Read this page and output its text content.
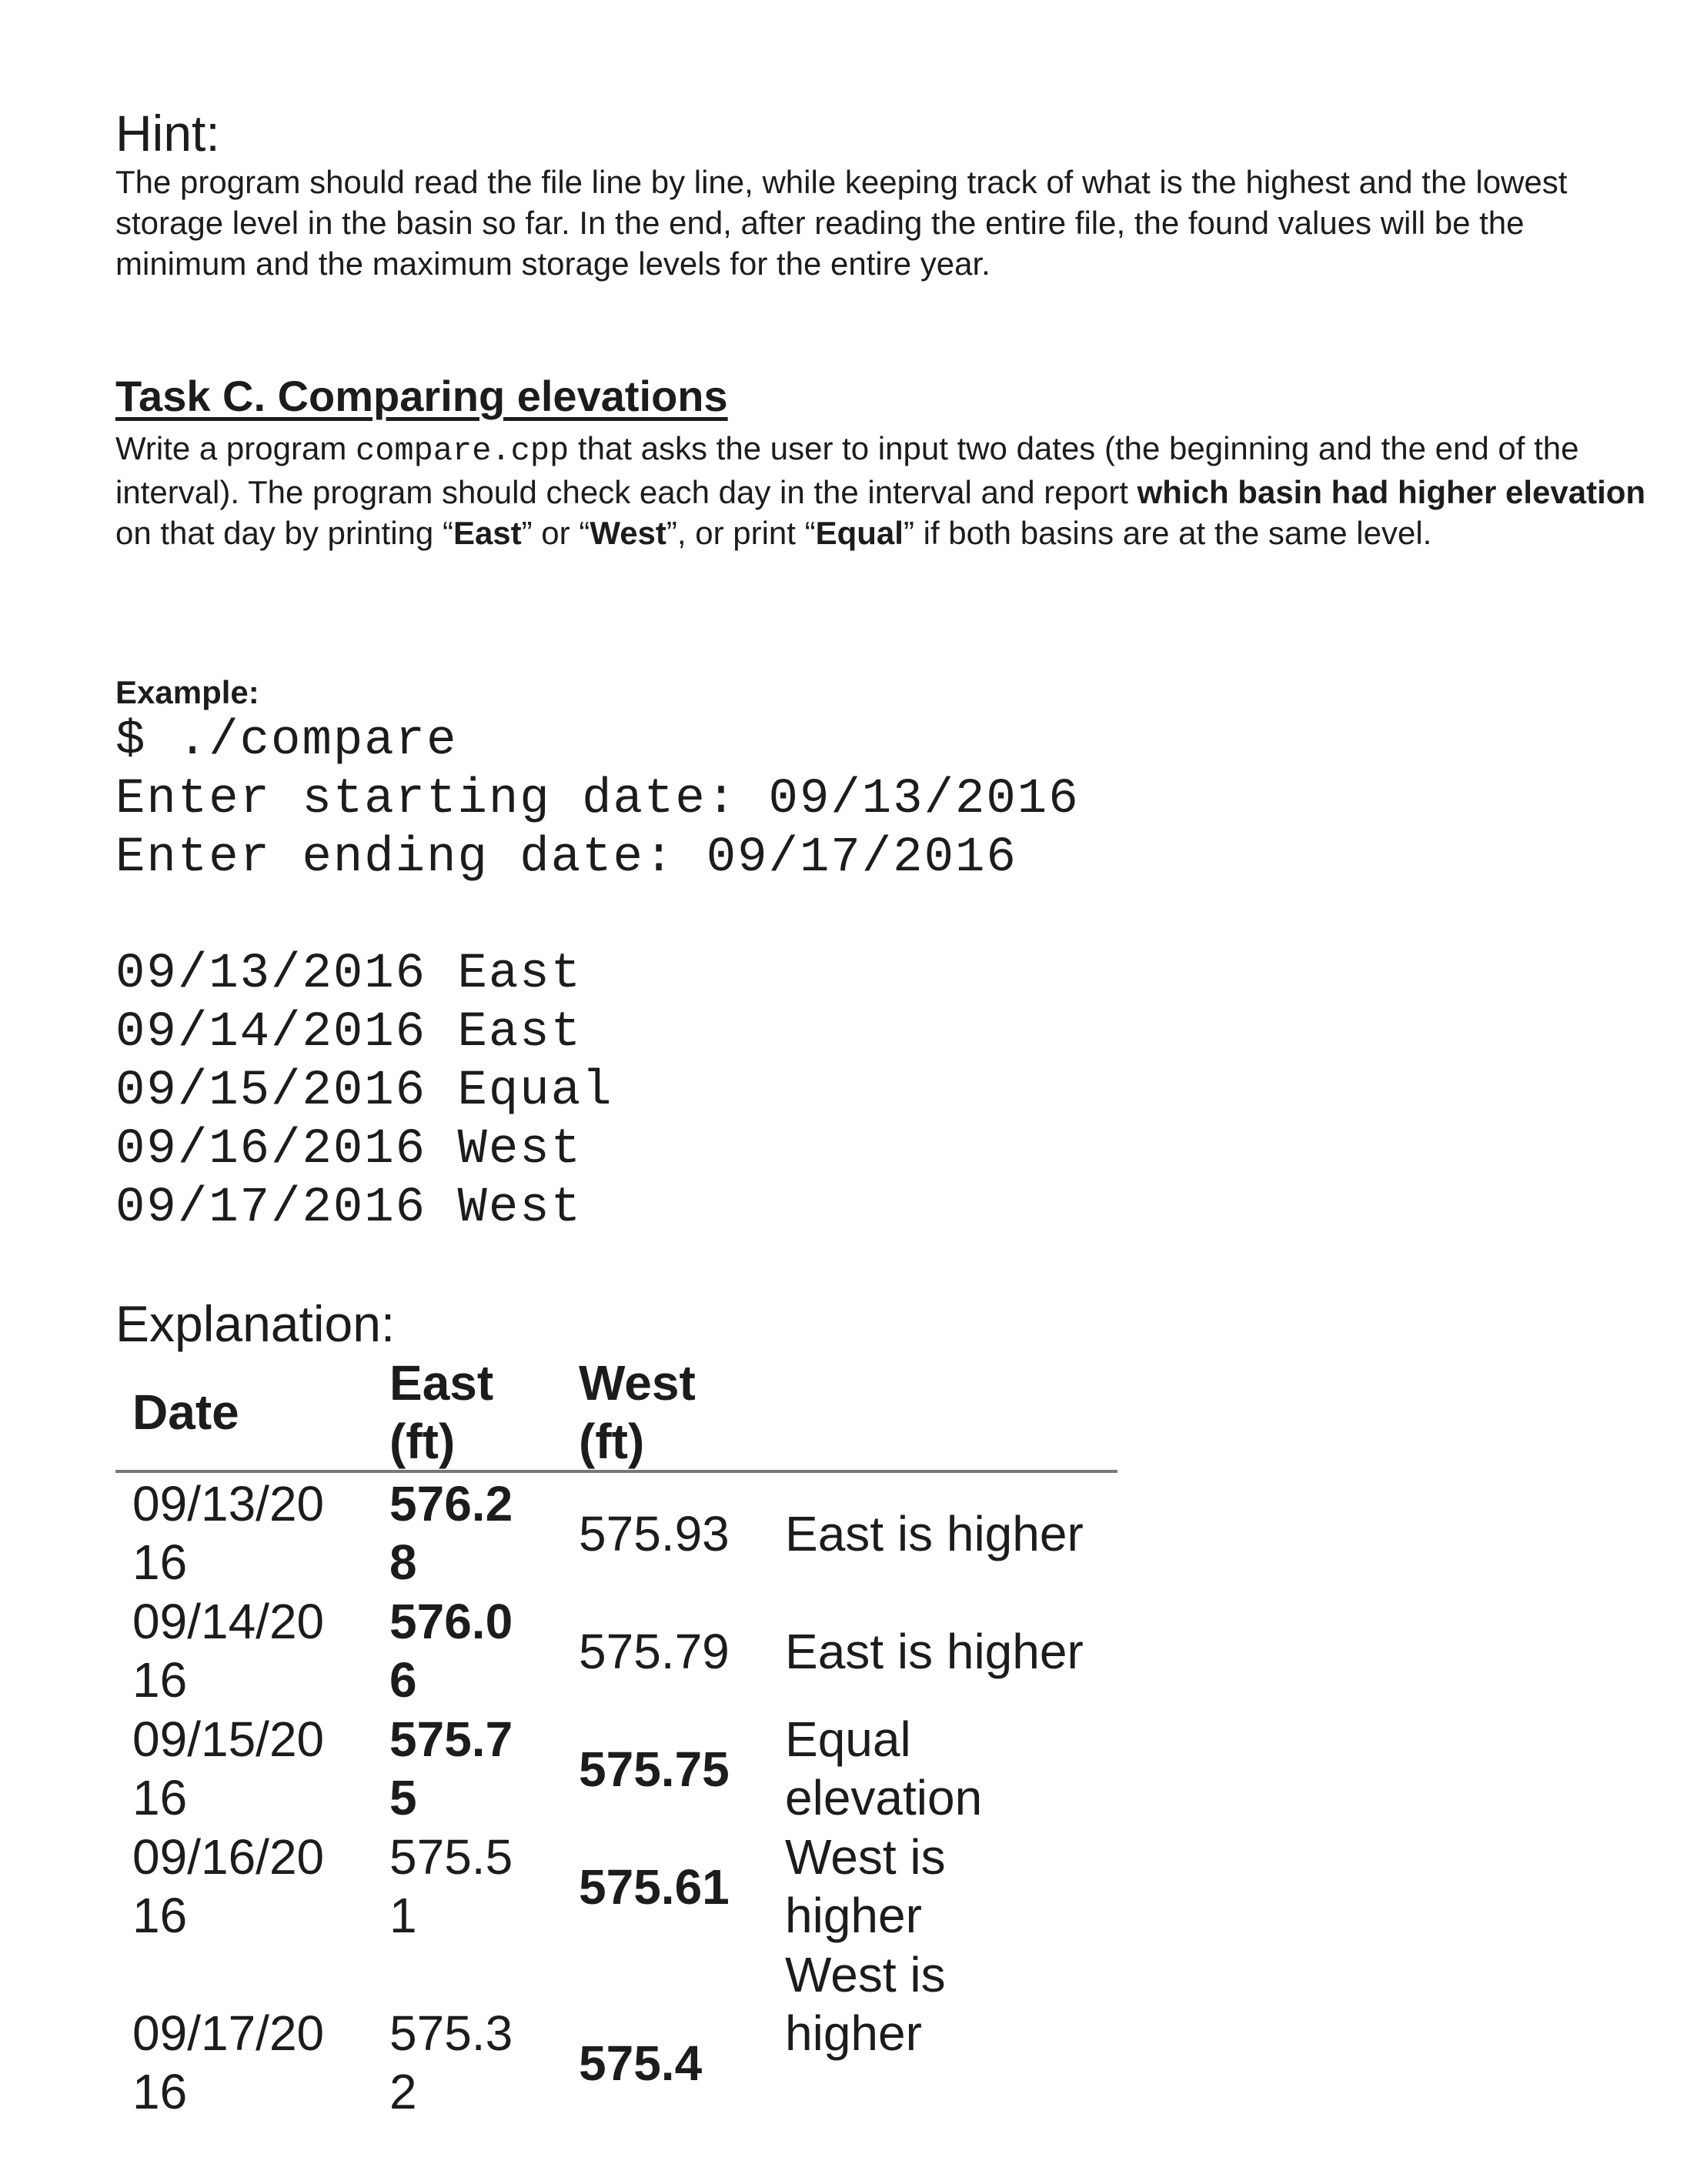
Hint:
The program should read the file line by line, while keeping track of what is the highest and the lowest storage level in the basin so far. In the end, after reading the entire file, the found values will be the minimum and the maximum storage levels for the entire year.
Task C. Comparing elevations
Write a program compare.cpp that asks the user to input two dates (the beginning and the end of the interval). The program should check each day in the interval and report which basin had higher elevation on that day by printing “East” or “West”, or print “Equal” if both basins are at the same level.
Example:
$ ./compare
Enter starting date: 09/13/2016
Enter ending date: 09/17/2016
09/13/2016 East
09/14/2016 East
09/15/2016 Equal
09/16/2016 West
09/17/2016 West
Explanation:
Date
East
(ft)
West
(ft)
09/13/20
16
576.2
8
575.93 East is higher
09/14/20
16
576.0
6
575.79 East is higher
09/15/20
16
575.7
5
575.75
Equal
elevation
09/16/20
16
575.5
1
575.61
West is
higher
09/17/20
16
575.3
2
575.4
West is
higher
